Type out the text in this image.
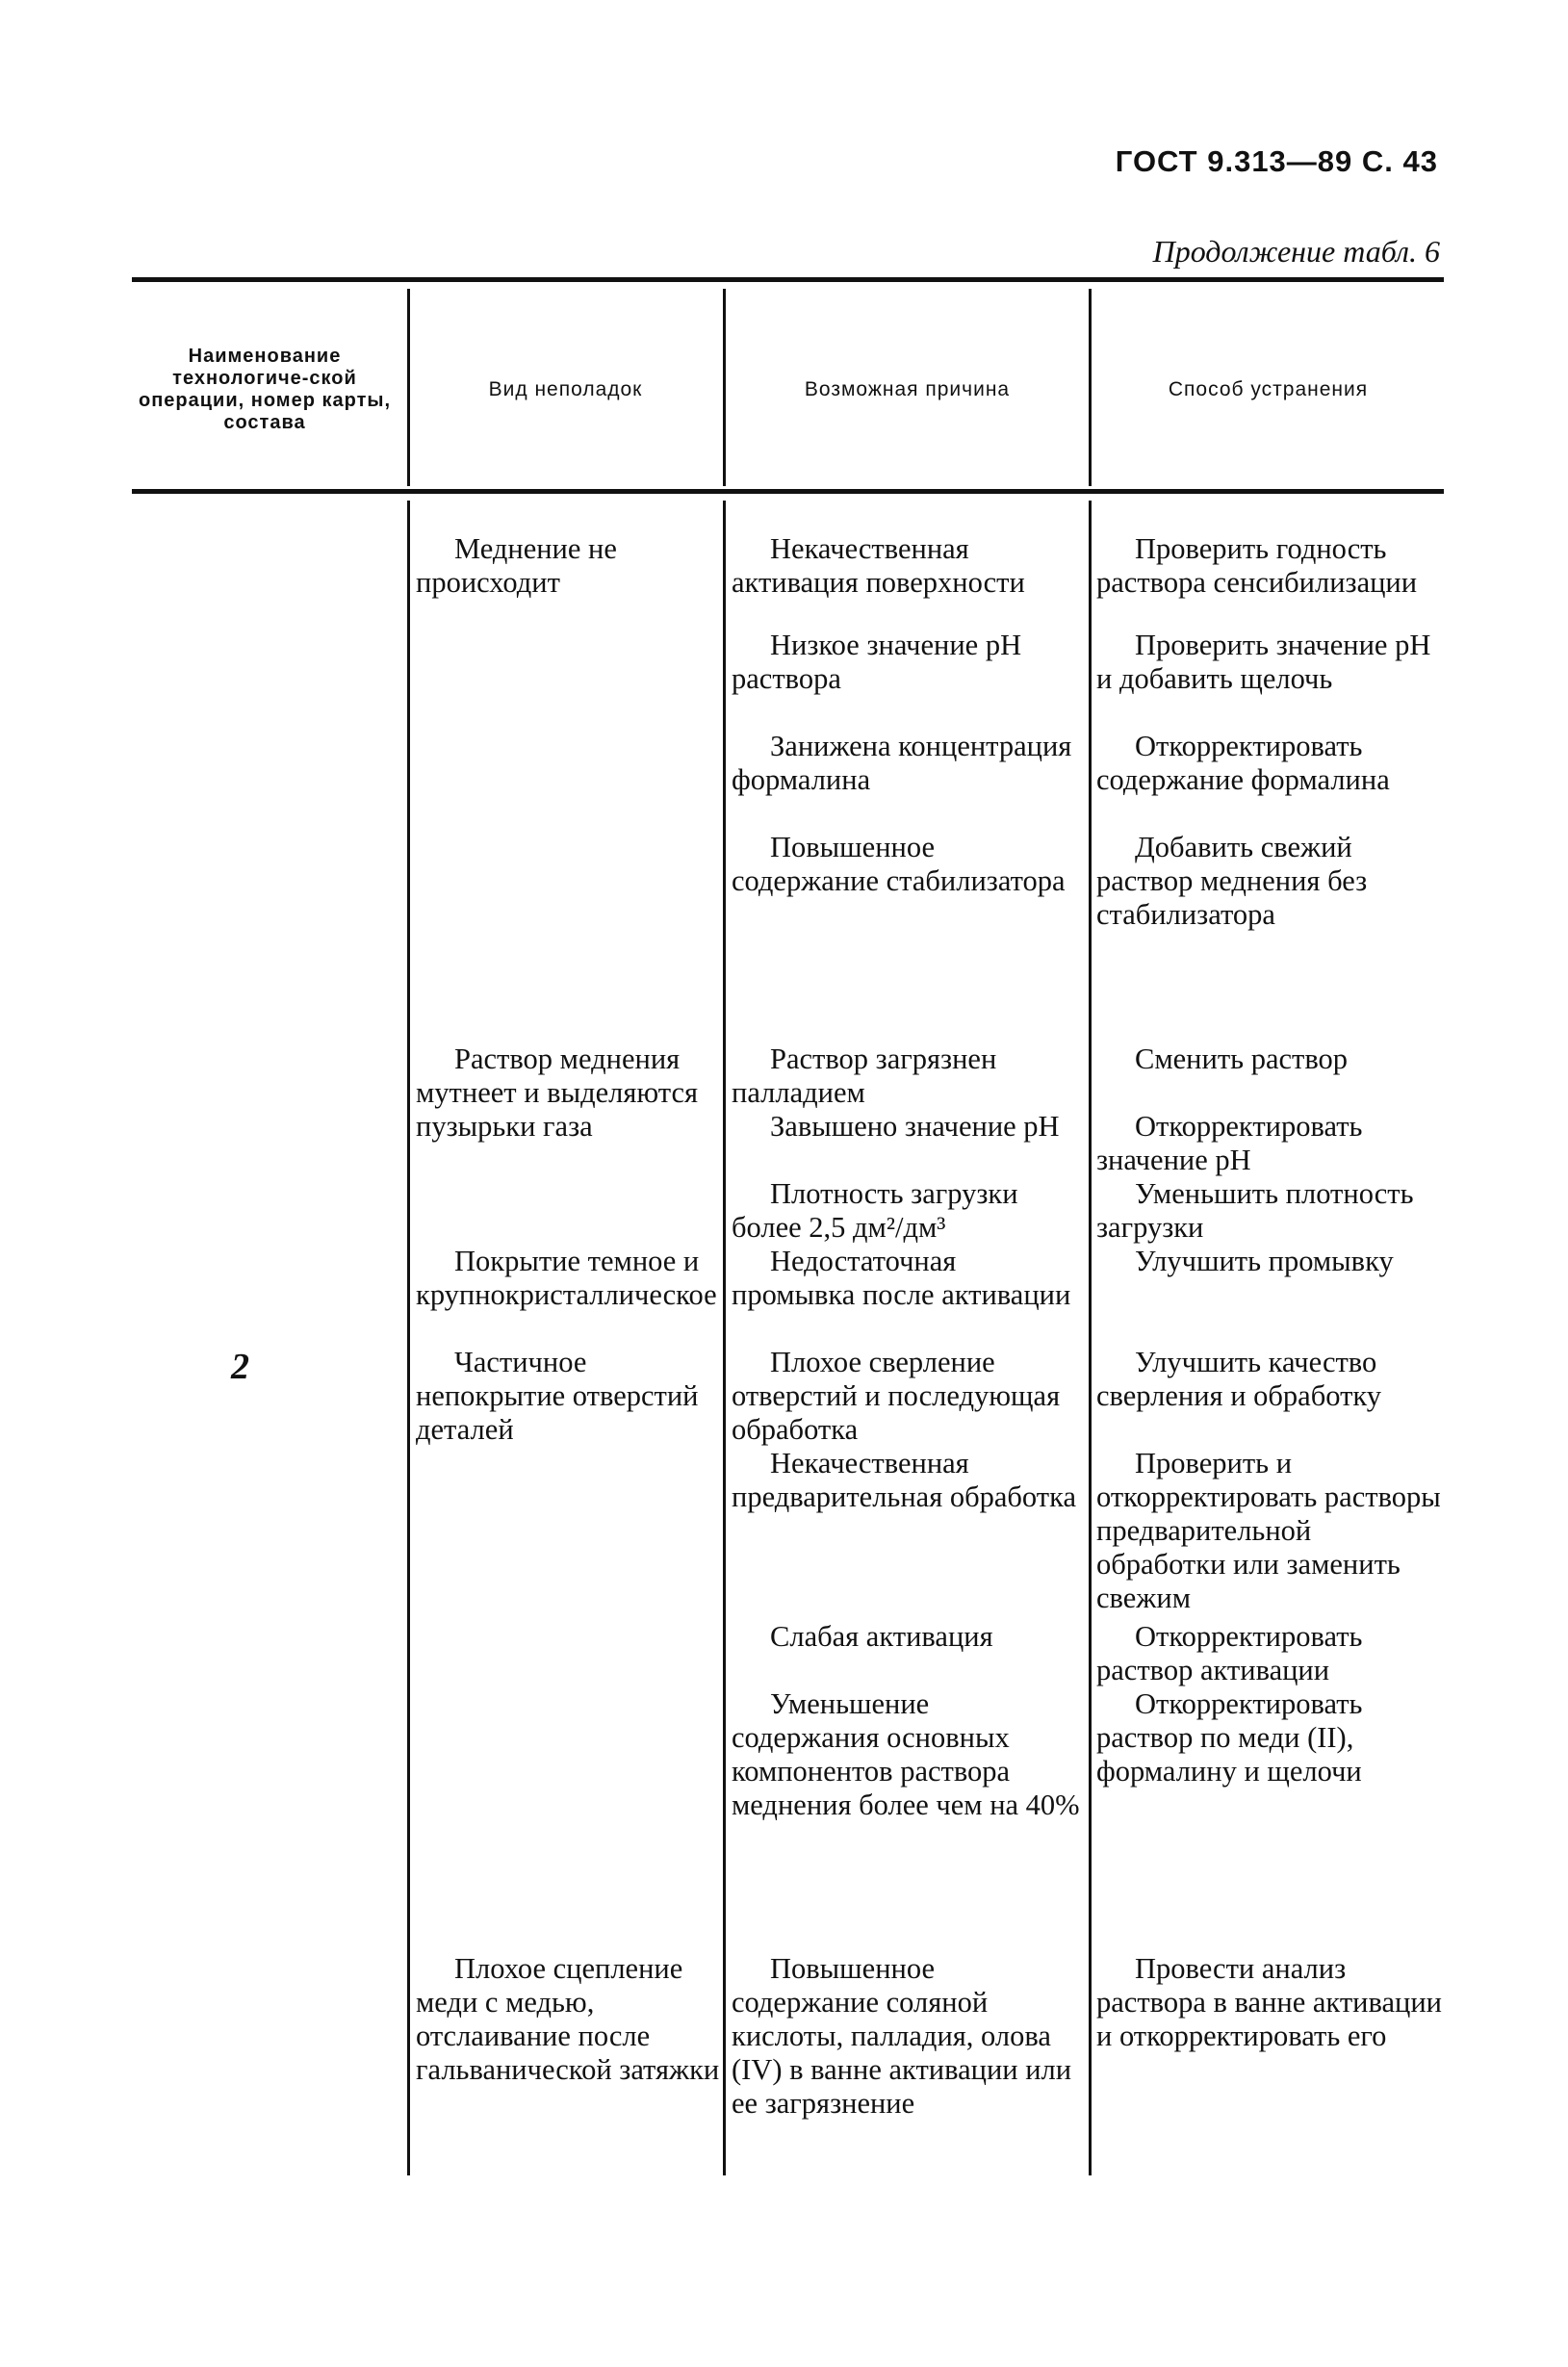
ГОСТ 9.313—89 С. 43
Продолжение табл. 6
Наименование технологиче-ской операции, номер карты, состава
Вид неполадок	Возможная причина	Способ устранения
2

Меднение не происходит

Раствор меднения мутнеет и выделяются пузырьки газа

Покрытие темное и крупнокристаллическое

Частичное непокрытие отверстий деталей

Плохое сцепление меди с медью, отслаивание после гальванической затяжки

Некачественная активация поверхности

Низкое значение pH раствора

Занижена концентрация формалина

Повышенное содержание стабилизатора

Раствор загрязнен палладием

Завышено значение pH

Плотность загрузки более 2,5 дм²/дм³

Недостаточная промывка после активации

Плохое сверление отверстий и последующая обработка

Некачественная предварительная обработка

Слабая активация

Уменьшение содержания основных компонентов раствора меднения более чем на 40%

Повышенное содержание соляной кислоты, палладия, олова (IV) в ванне активации или ее загрязнение

Проверить годность раствора сенсибилизации

Проверить значение pH и добавить щелочь

Откорректировать содержание формалина

Добавить свежий раствор меднения без стабилизатора

Сменить раствор

Откорректировать значение pH

Уменьшить плотность загрузки

Улучшить промывку

Улучшить качество сверления и обработку

Проверить и откорректировать растворы предварительной обработки или заменить свежим

Откорректировать раствор активации

Откорректировать раствор по меди (II), формалину и щелочи

Провести анализ раствора в ванне активации и откорректировать его
